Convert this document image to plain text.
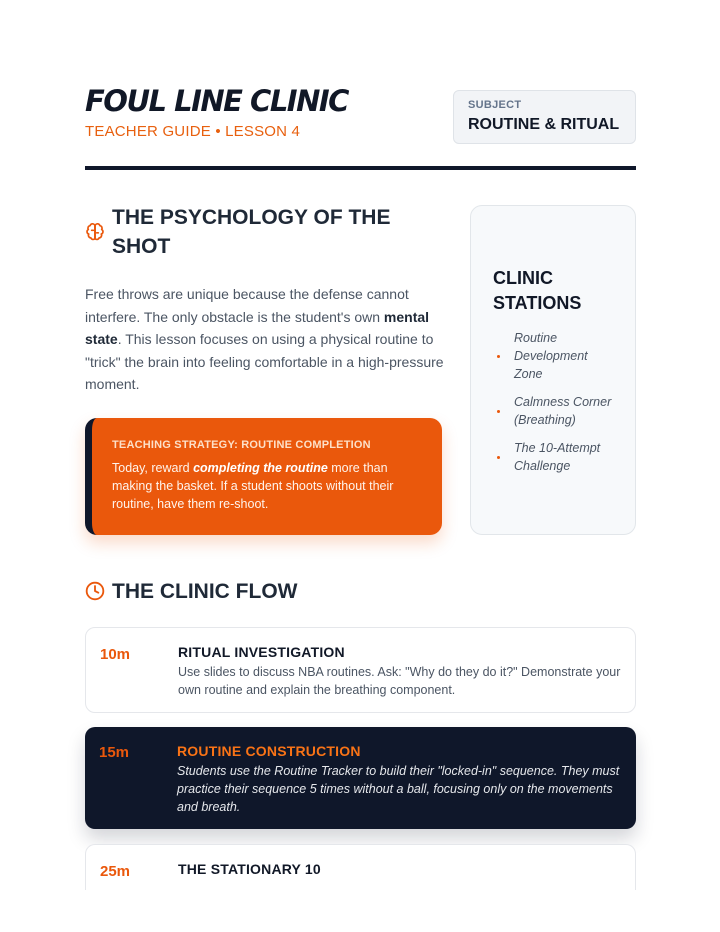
FOUL LINE CLINIC
TEACHER GUIDE • LESSON 4
SUBJECT
ROUTINE & RITUAL
THE PSYCHOLOGY OF THE
SHOT

Free throws are unique because the defense cannot interfere. The only obstacle is the student's own mental state. This lesson focuses on using a physical routine to "trick" the brain into feeling comfortable in a high-pressure moment.

TEACHING STRATEGY: ROUTINE COMPLETION
Today, reward completing the routine more than making the basket. If a student shoots without their routine, have them re-shoot.
CLINIC
STATIONS
Routine Development Zone
Calmness Corner (Breathing)
The 10-Attempt Challenge
THE CLINIC FLOW
10m	RITUAL INVESTIGATION
Use slides to discuss NBA routines. Ask: "Why do they do it?" Demonstrate your own routine and explain the breathing component.
15m	ROUTINE CONSTRUCTION
Students use the Routine Tracker to build their "locked-in" sequence. They must practice their sequence 5 times without a ball, focusing only on the movements and breath.
25m	THE STATIONARY 10
